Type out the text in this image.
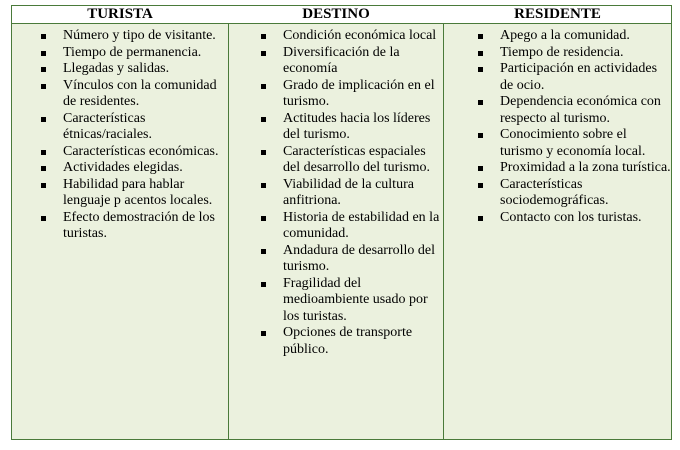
TURISTA	DESTINO	RESIDENTE
Número y tipo de visitante.
Tiempo de permanencia.
Llegadas y salidas.
Vínculos con la comunidad de residentes.
Características étnicas/raciales.
Características económicas.
Actividades elegidas.
Habilidad para hablar lenguaje p acentos locales.
Efecto demostración de los turistas.
Condición económica local
Diversificación de la economía
Grado de implicación en el turismo.
Actitudes hacia los líderes del turismo.
Características espaciales del desarrollo del turismo.
Viabilidad de la cultura anfitriona.
Historia de estabilidad en la comunidad.
Andadura de desarrollo del turismo.
Fragilidad del medioambiente usado por los turistas.
Opciones de transporte público.
Apego a la comunidad.
Tiempo de residencia.
Participación en actividades de ocio.
Dependencia económica con respecto al turismo.
Conocimiento sobre el turismo y economía local.
Proximidad a la zona turística.
Características sociodemográficas.
Contacto con los turistas.
